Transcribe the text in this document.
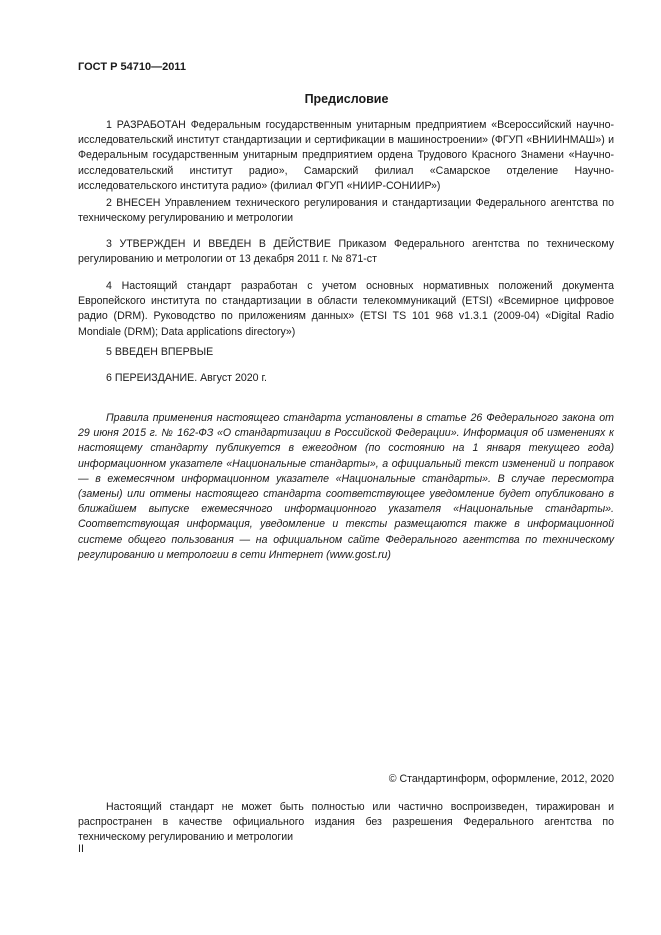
ГОСТ Р 54710—2011
Предисловие

1 РАЗРАБОТАН Федеральным государственным унитарным предприятием «Всероссийский научно-исследовательский институт стандартизации и сертификации в машиностроении» (ФГУП «ВНИИНМАШ») и Федеральным государственным унитарным предприятием ордена Трудового Красного Знамени «Научно-исследовательский институт радио», Самарский филиал «Самарское отделение Научно-исследовательского института радио» (филиал ФГУП «НИИР-СОНИИР»)

2 ВНЕСЕН Управлением технического регулирования и стандартизации Федерального агентства по техническому регулированию и метрологии

3 УТВЕРЖДЕН И ВВЕДЕН В ДЕЙСТВИЕ Приказом Федерального агентства по техническому регулированию и метрологии от 13 декабря 2011 г. № 871-ст

4 Настоящий стандарт разработан с учетом основных нормативных положений документа Европейского института по стандартизации в области телекоммуникаций (ETSI) «Всемирное цифровое радио (DRM). Руководство по приложениям данных» (ETSI TS 101 968 v1.3.1 (2009-04) «Digital Radio Mondiale (DRM); Data applications directory»)

5 ВВЕДЕН ВПЕРВЫЕ

6 ПЕРЕИЗДАНИЕ. Август 2020 г.

Правила применения настоящего стандарта установлены в статье 26 Федерального закона от 29 июня 2015 г. № 162-ФЗ «О стандартизации в Российской Федерации». Информация об изменениях к настоящему стандарту публикуется в ежегодном (по состоянию на 1 января текущего года) информационном указателе «Национальные стандарты», а официальный текст изменений и поправок — в ежемесячном информационном указателе «Национальные стандарты». В случае пересмотра (замены) или отмены настоящего стандарта соответствующее уведомление будет опубликовано в ближайшем выпуске ежемесячного информационного указателя «Национальные стандарты». Соответствующая информация, уведомление и тексты размещаются также в информационной системе общего пользования — на официальном сайте Федерального агентства по техническому регулированию и метрологии в сети Интернет (www.gost.ru)

© Стандартинформ, оформление, 2012, 2020

Настоящий стандарт не может быть полностью или частично воспроизведен, тиражирован и распространен в качестве официального издания без разрешения Федерального агентства по техническому регулированию и метрологии

II
